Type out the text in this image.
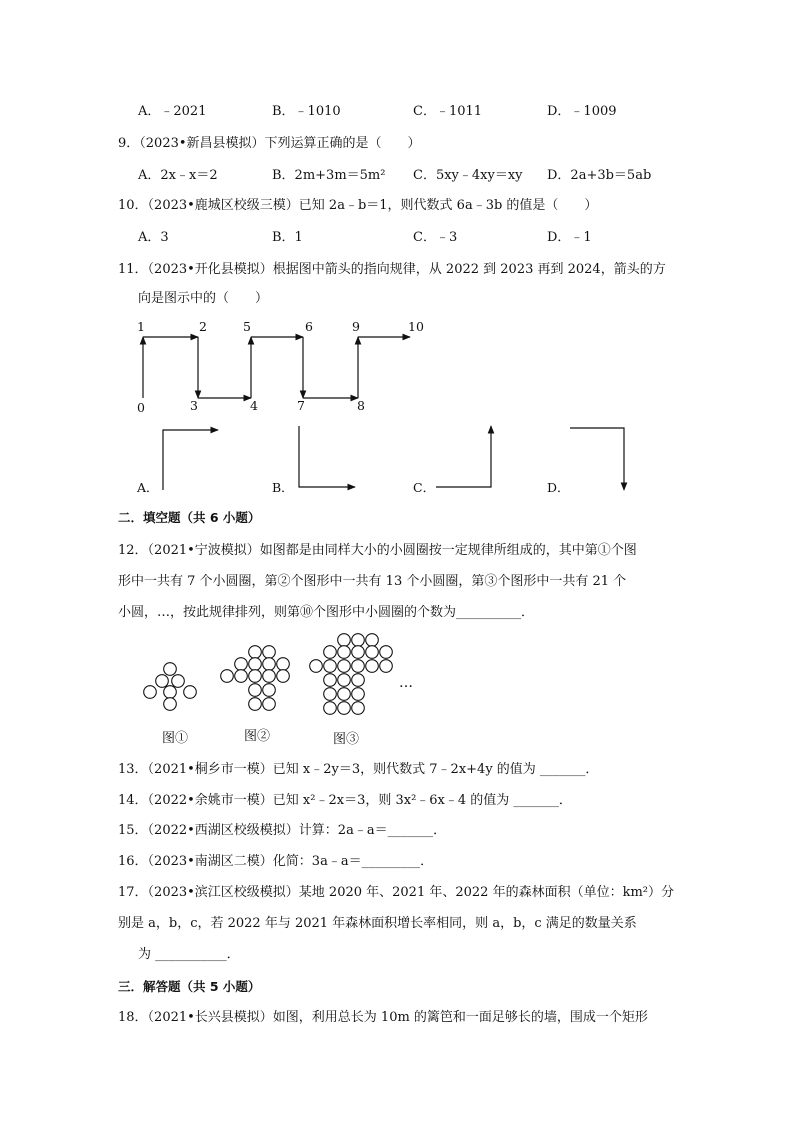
A．﹣2021	B．﹣1010	C．﹣1011	D．﹣1009
9．（2023•新昌县模拟）下列运算正确的是（　　）
A．2x﹣x＝2	B．2m+3m＝5m² C．5xy﹣4xy＝xy D．2a+3b＝5ab
10．（2023•鹿城区校级三模）已知 2a﹣b＝1，则代数式 6a﹣3b 的值是（　　）
A．3	B．1	C．﹣3	D．﹣1
11．（2023•开化县模拟）根据图中箭头的指向规律，从 2022 到 2023 再到 2024，箭头的方
向是图示中的（　　）
0
1	2
3	4
5	6
7	8
9	10
A．	B．	C．	D．
…
图①	图②	图③
二．填空题（共 6 小题）
12．（2021•宁波模拟）如图都是由同样大小的小圆圈按一定规律所组成的，其中第①个图
形中一共有 7 个小圆圈，第②个图形中一共有 13 个小圆圈，第③个图形中一共有 21 个
小圆，…，按此规律排列，则第⑩个图形中小圆圈的个数为__________．
13．（2021•桐乡市一模）已知 x﹣2y＝3，则代数式 7﹣2x+4y 的值为 _______．
14．（2022•余姚市一模）已知 x²﹣2x＝3，则 3x²﹣6x﹣4 的值为 _______．
15．（2022•西湖区校级模拟）计算：2a﹣a＝_______．
16．（2023•南湖区二模）化简：3a﹣a＝_________．
17．（2023•滨江区校级模拟）某地 2020 年、2021 年、2022 年的森林面积（单位：km²）分
别是 a，b，c，若 2022 年与 2021 年森林面积增长率相同，则 a，b，c 满足的数量关系
为 ___________．
三．解答题（共 5 小题）
18．（2021•长兴县模拟）如图，利用总长为 10m 的篱笆和一面足够长的墙，围成一个矩形
